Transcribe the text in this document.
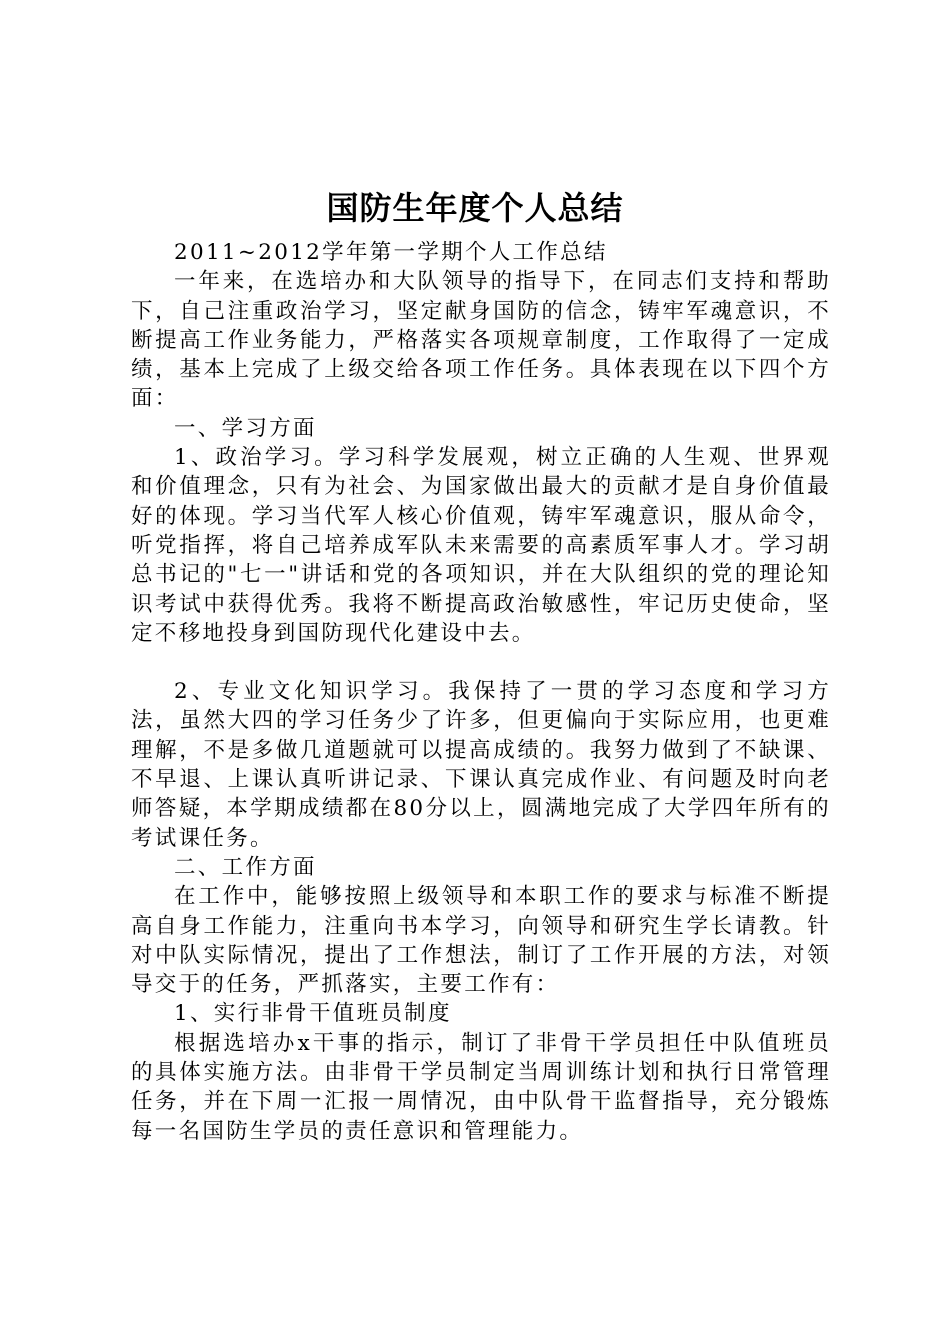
国防生年度个人总结

2011~2012学年第一学期个人工作总结

一年来，在选培办和大队领导的指导下，在同志们支持和帮助下，自己注重政治学习，坚定献身国防的信念，铸牢军魂意识，不断提高工作业务能力，严格落实各项规章制度，工作取得了一定成绩，基本上完成了上级交给各项工作任务。具体表现在以下四个方面：

一、学习方面

1、政治学习。学习科学发展观，树立正确的人生观、世界观和价值理念，只有为社会、为国家做出最大的贡献才是自身价值最好的体现。学习当代军人核心价值观，铸牢军魂意识，服从命令，听党指挥，将自己培养成军队未来需要的高素质军事人才。学习胡总书记的"七一"讲话和党的各项知识，并在大队组织的党的理论知识考试中获得优秀。我将不断提高政治敏感性，牢记历史使命，坚定不移地投身到国防现代化建设中去。

2、专业文化知识学习。我保持了一贯的学习态度和学习方法，虽然大四的学习任务少了许多，但更偏向于实际应用，也更难理解，不是多做几道题就可以提高成绩的。我努力做到了不缺课、不早退、上课认真听讲记录、下课认真完成作业、有问题及时向老师答疑，本学期成绩都在80分以上，圆满地完成了大学四年所有的考试课任务。

二、工作方面

在工作中，能够按照上级领导和本职工作的要求与标准不断提高自身工作能力，注重向书本学习，向领导和研究生学长请教。针对中队实际情况，提出了工作想法，制订了工作开展的方法，对领导交于的任务，严抓落实，主要工作有：

1、实行非骨干值班员制度

根据选培办x干事的指示，制订了非骨干学员担任中队值班员的具体实施方法。由非骨干学员制定当周训练计划和执行日常管理任务，并在下周一汇报一周情况，由中队骨干监督指导，充分锻炼每一名国防生学员的责任意识和管理能力。
